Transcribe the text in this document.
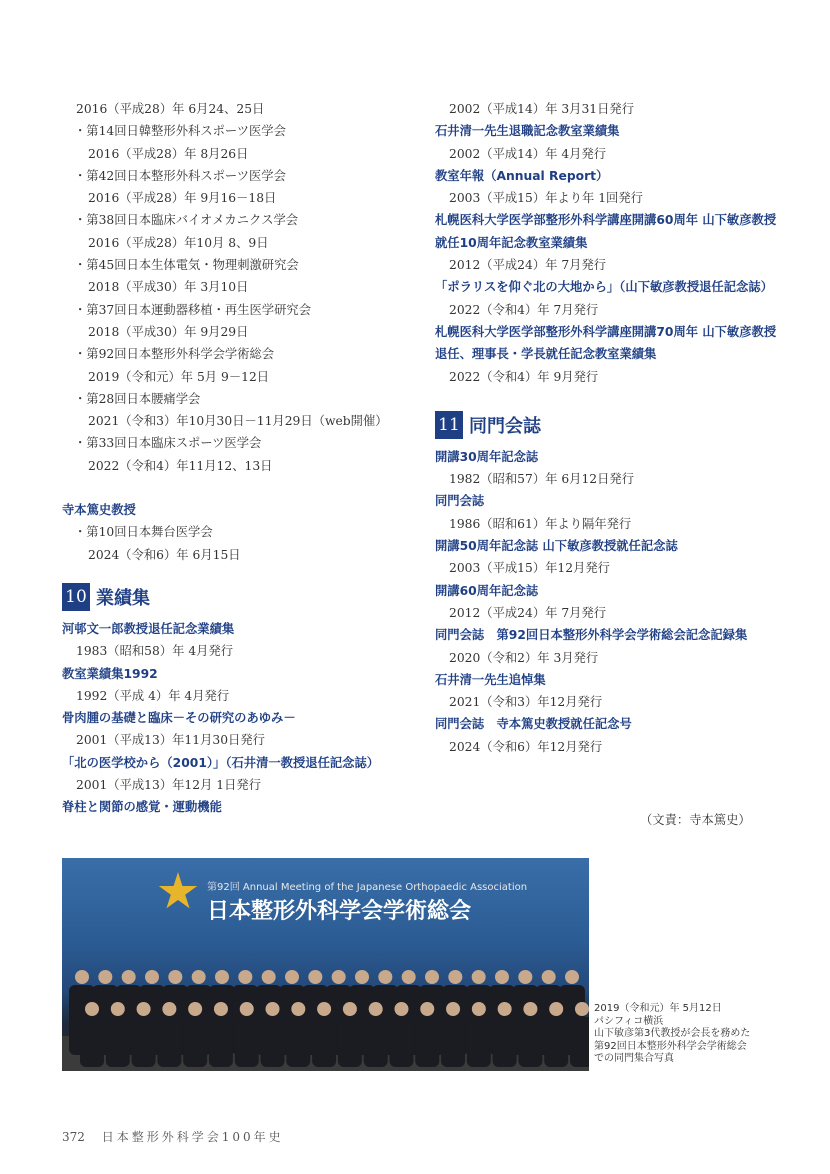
2016（平成28）年 6月24、25日
・第14回日韓整形外科スポーツ医学会
2016（平成28）年 8月26日
・第42回日本整形外科スポーツ医学会
2016（平成28）年 9月16－18日
・第38回日本臨床バイオメカニクス学会
2016（平成28）年10月 8、9日
・第45回日本生体電気・物理刺激研究会
2018（平成30）年 3月10日
・第37回日本運動器移植・再生医学研究会
2018（平成30）年 9月29日
・第92回日本整形外科学会学術総会
2019（令和元）年 5月 9－12日
・第28回日本腰痛学会
2021（令和3）年10月30日－11月29日（web開催）
・第33回日本臨床スポーツ医学会
2022（令和4）年11月12、13日
寺本篤史教授
・第10回日本舞台医学会
2024（令和6）年 6月15日
10 業績集
河邨文一郎教授退任記念業績集
1983（昭和58）年 4月発行
教室業績集1992
1992（平成 4）年 4月発行
骨肉腫の基礎と臨床－その研究のあゆみ－
2001（平成13）年11月30日発行
「北の医学校から（2001）」（石井清一教授退任記念誌）
2001（平成13）年12月 1日発行
脊柱と関節の感覚・運動機能
2002（平成14）年 3月31日発行
石井清一先生退職記念教室業績集
2002（平成14）年 4月発行
教室年報（Annual Report）
2003（平成15）年より年 1回発行
札幌医科大学医学部整形外科学講座開講60周年 山下敏彦教授就任10周年記念教室業績集
2012（平成24）年 7月発行
「ポラリスを仰ぐ北の大地から」（山下敏彦教授退任記念誌）
2022（令和4）年 7月発行
札幌医科大学医学部整形外科学講座開講70周年 山下敏彦教授退任、理事長・学長就任記念教室業績集
2022（令和4）年 9月発行
11 同門会誌
開講30周年記念誌
1982（昭和57）年 6月12日発行
同門会誌
1986（昭和61）年より隔年発行
開講50周年記念誌 山下敏彦教授就任記念誌
2003（平成15）年12月発行
開講60周年記念誌
2012（平成24）年 7月発行
同門会誌　第92回日本整形外科学会学術総会記念記録集
2020（令和2）年 3月発行
石井清一先生追悼集
2021（令和3）年12月発行
同門会誌　寺本篤史教授就任記念号
2024（令和6）年12月発行
（文責：寺本篤史）
第92回 Annual Meeting of the Japanese Orthopaedic Association
日本整形外科学会学術総会
2019（令和元）年 5月12日
パシフィコ横浜
山下敏彦第3代教授が会長を務めた
第92回日本整形外科学会学術総会
での同門集合写真
372 日本整形外科学会100年史
